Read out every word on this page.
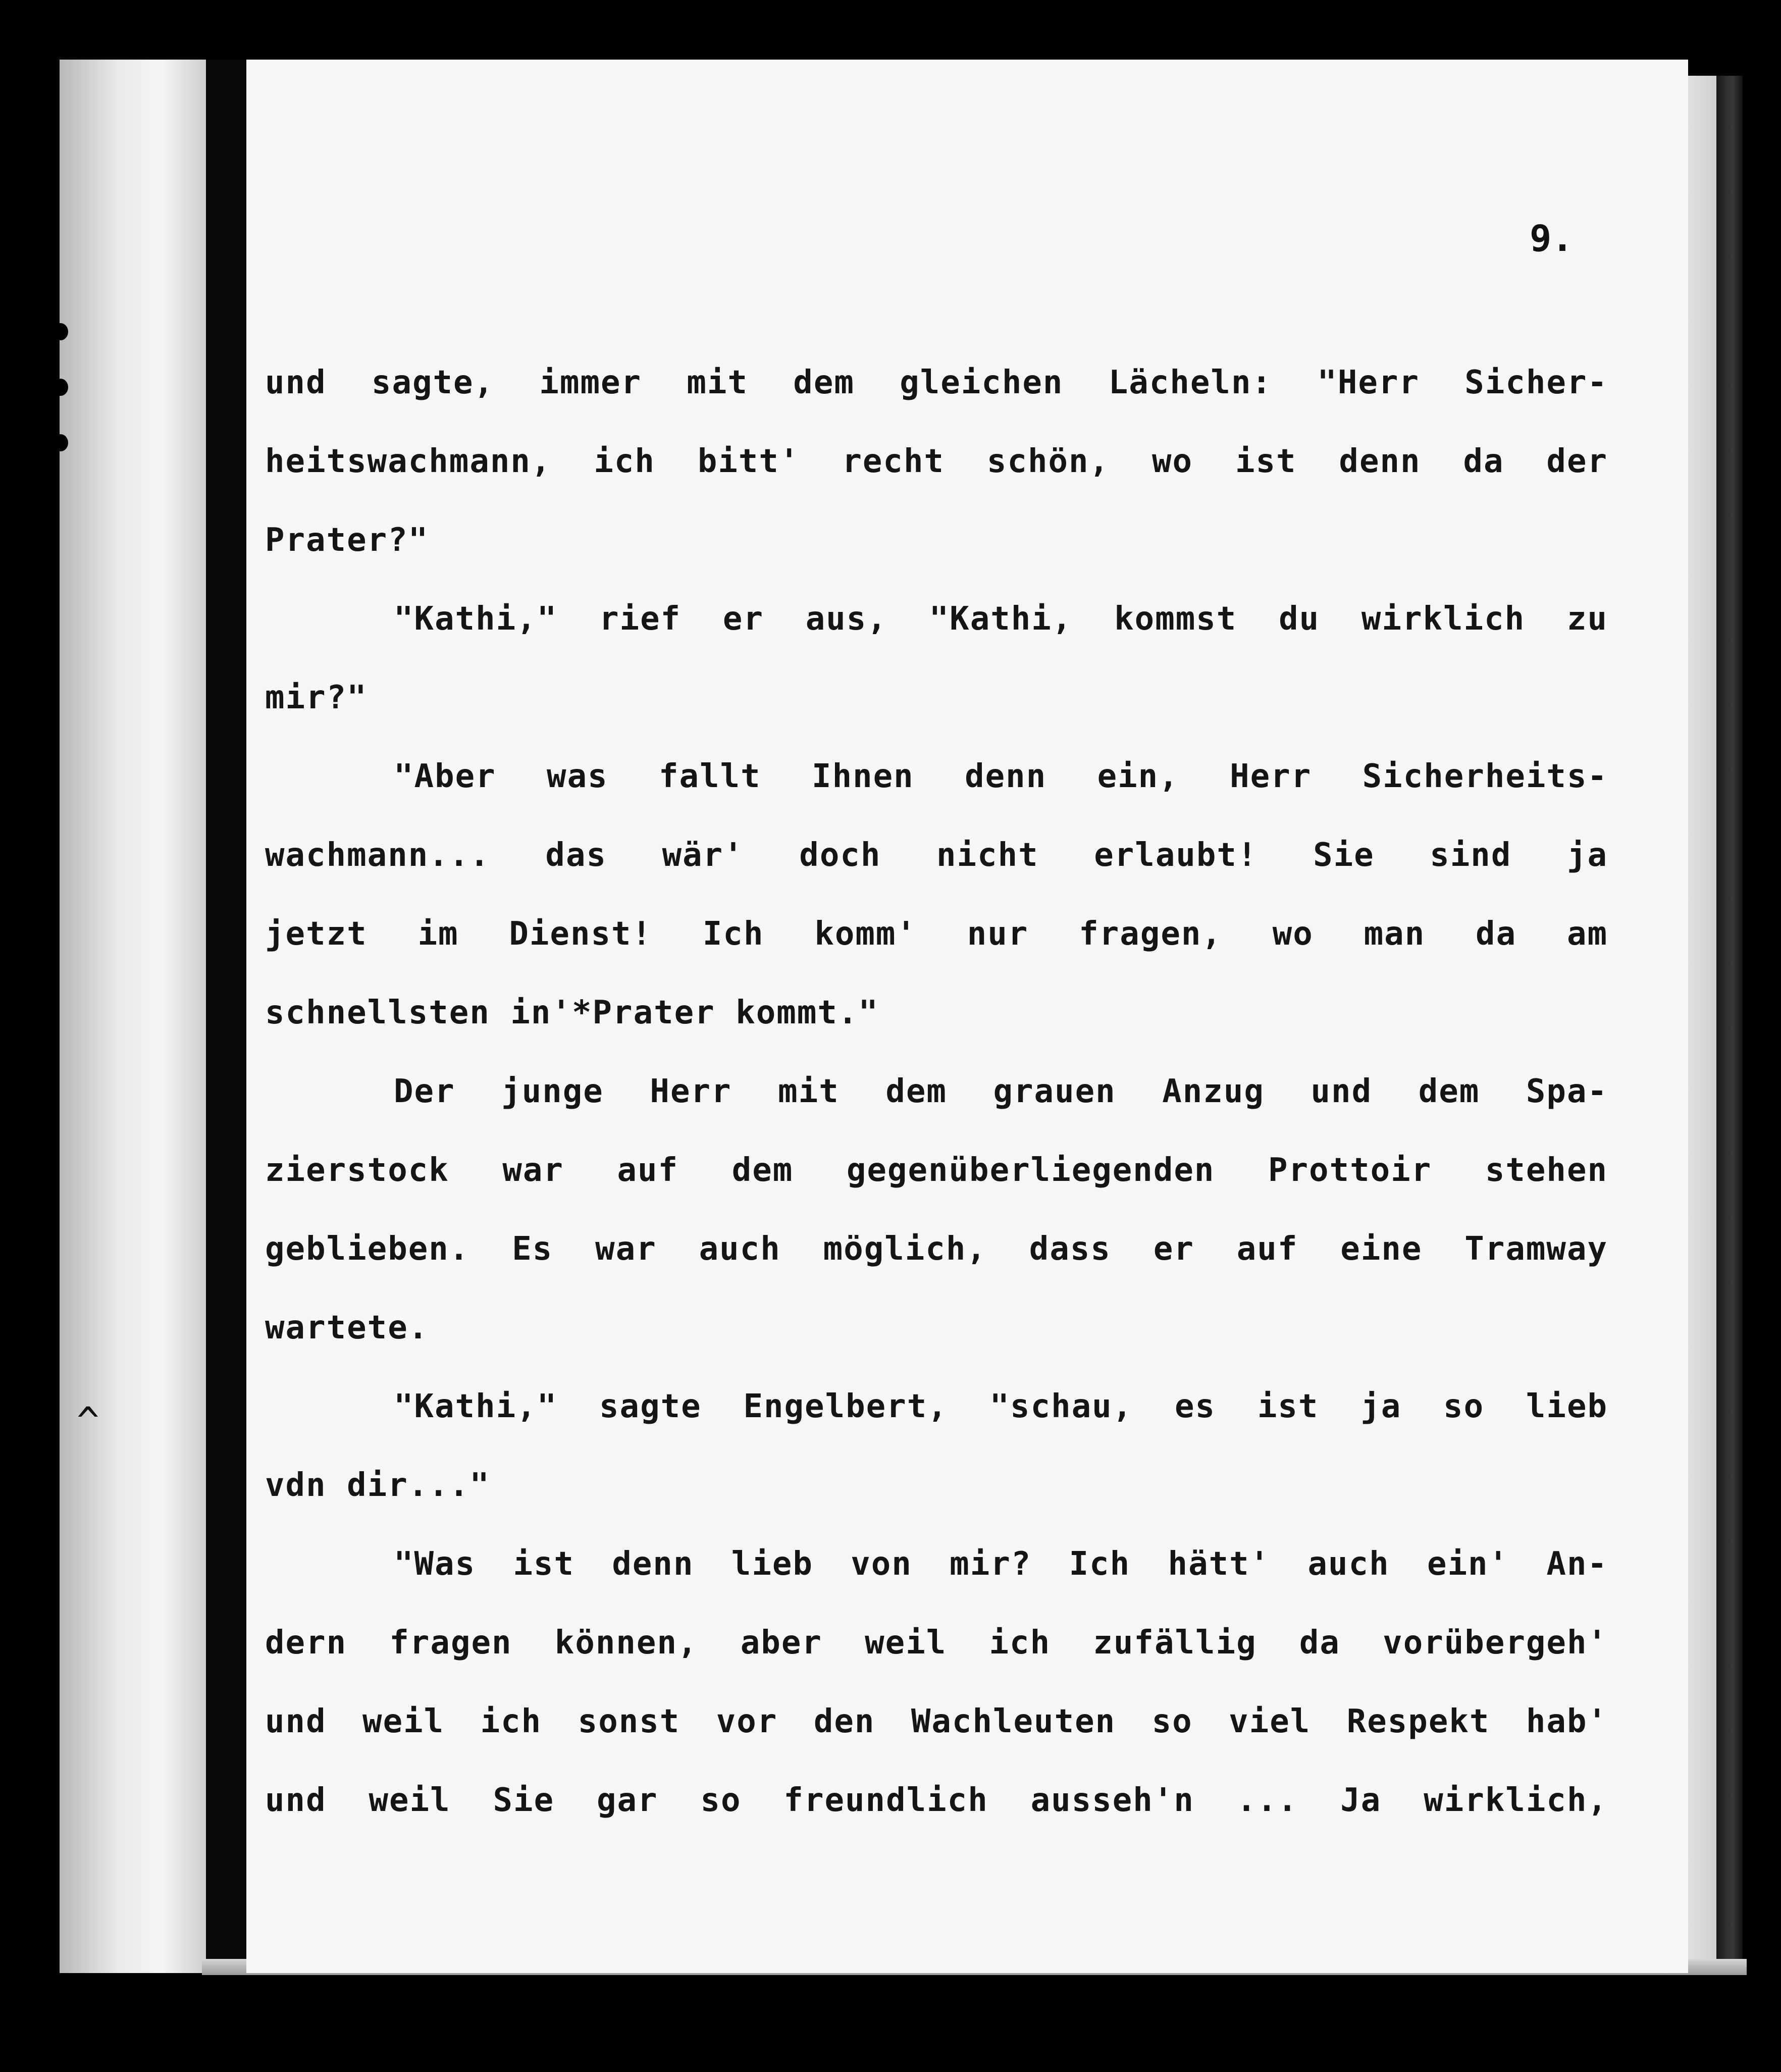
^
9.
und sagte, immer mit dem gleichen Lächeln: "Herr Sicher-
heitswachmann, ich bitt' recht schön, wo ist denn da der
Prater?"
"Kathi," rief er aus, "Kathi, kommst du wirklich zu
mir?"
"Aber was fallt Ihnen denn ein, Herr Sicherheits-
wachmann... das wär' doch nicht erlaubt! Sie sind ja
jetzt im Dienst! Ich komm' nur fragen, wo man da am
schnellsten in'*Prater kommt."
Der junge Herr mit dem grauen Anzug und dem Spa-
zierstock war auf dem gegenüberliegenden Prottoir stehen
geblieben. Es war auch möglich, dass er auf eine Tramway
wartete.
"Kathi," sagte Engelbert, "schau, es ist ja so lieb
vdn dir..."
"Was ist denn lieb von mir? Ich hätt' auch ein' An-
dern fragen können, aber weil ich zufällig da vorübergeh'
und weil ich sonst vor den Wachleuten so viel Respekt hab'
und weil Sie gar so freundlich ausseh'n ... Ja wirklich,
